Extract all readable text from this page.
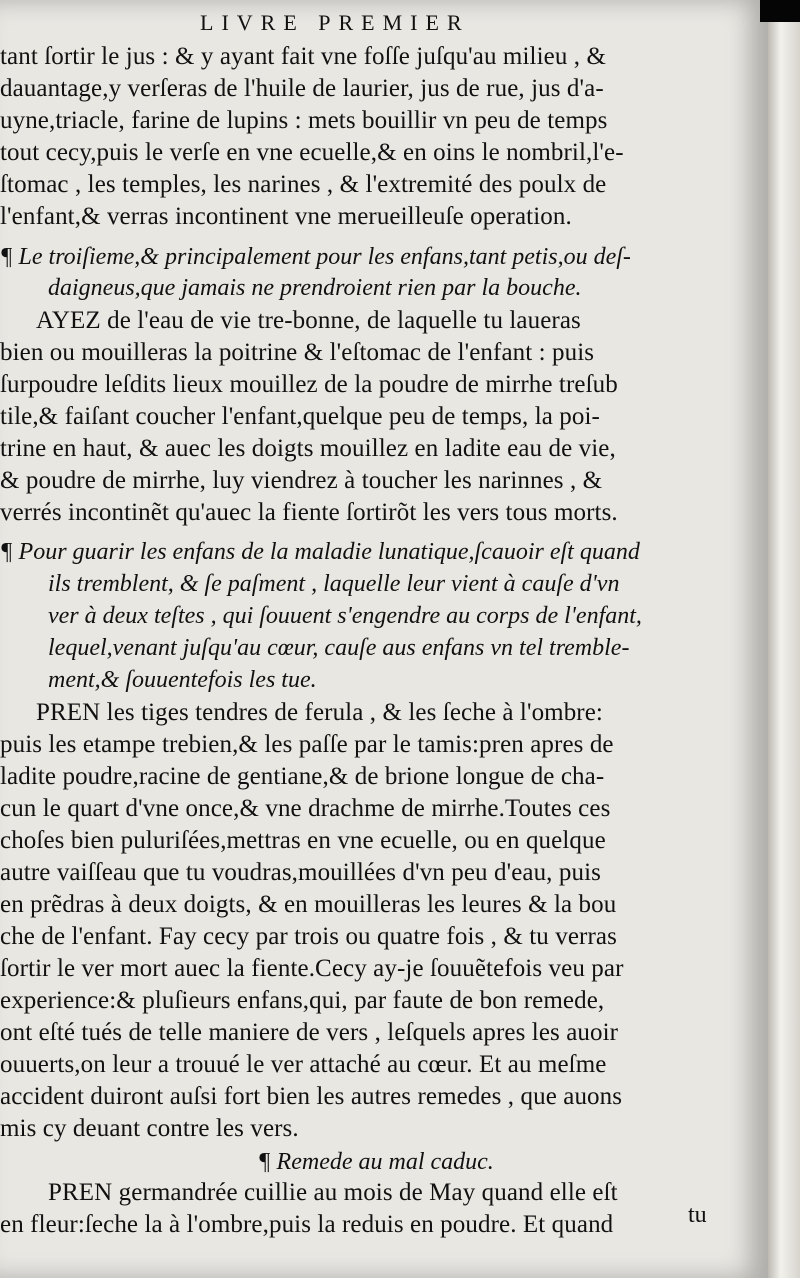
LIVRE PREMIER
tant ſortir le jus : & y ayant fait vne foſſe juſqu'au milieu , &
dauantage,y verſeras de l'huile de laurier, jus de rue, jus d'a-
uyne,triacle, farine de lupins : mets bouillir vn peu de temps
tout cecy,puis le verſe en vne ecuelle,& en oins le nombril,l'e-
ſtomac , les temples, les narines , & l'extremité des poulx de
l'enfant,& verras incontinent vne merueilleuſe operation.
¶ Le troiſieme,& principalement pour les enfans,tant petis,ou deſ-
daigneus,que jamais ne prendroient rien par la bouche.
AYEZ de l'eau de vie tre-bonne, de laquelle tu laueras
bien ou mouilleras la poitrine & l'eſtomac de l'enfant : puis
ſurpoudre leſdits lieux mouillez de la poudre de mirrhe treſub
tile,& faiſant coucher l'enfant,quelque peu de temps, la poi-
trine en haut, & auec les doigts mouillez en ladite eau de vie,
& poudre de mirrhe, luy viendrez à toucher les narinnes , &
verrés incontinẽt qu'auec la fiente ſortirõt les vers tous morts.
¶ Pour guarir les enfans de la maladie lunatique,ſcauoir eſt quand
ils tremblent, & ſe paſment , laquelle leur vient à cauſe d'vn
ver à deux teſtes , qui ſouuent s'engendre au corps de l'enfant,
lequel,venant juſqu'au cœur, cauſe aus enfans vn tel tremble-
ment,& ſouuentefois les tue.
PREN les tiges tendres de ferula , & les ſeche à l'ombre:
puis les etampe trebien,& les paſſe par le tamis:pren apres de
ladite poudre,racine de gentiane,& de brione longue de cha-
cun le quart d'vne once,& vne drachme de mirrhe.Toutes ces
choſes bien puluriſées,mettras en vne ecuelle, ou en quelque
autre vaiſſeau que tu voudras,mouillées d'vn peu d'eau, puis
en prẽdras à deux doigts, & en mouilleras les leures & la bou
che de l'enfant. Fay cecy par trois ou quatre fois , & tu verras
ſortir le ver mort auec la fiente.Cecy ay-je ſouuẽtefois veu par
experience:& pluſieurs enfans,qui, par faute de bon remede,
ont eſté tués de telle maniere de vers , leſquels apres les auoir
ouuerts,on leur a trouué le ver attaché au cœur. Et au meſme
accident duiront auſsi fort bien les autres remedes , que auons
mis cy deuant contre les vers.
¶ Remede au mal caduc.
PREN germandrée cuillie au mois de May quand elle eſt
en fleur:ſeche la à l'ombre,puis la reduis en poudre. Et quand	tu
